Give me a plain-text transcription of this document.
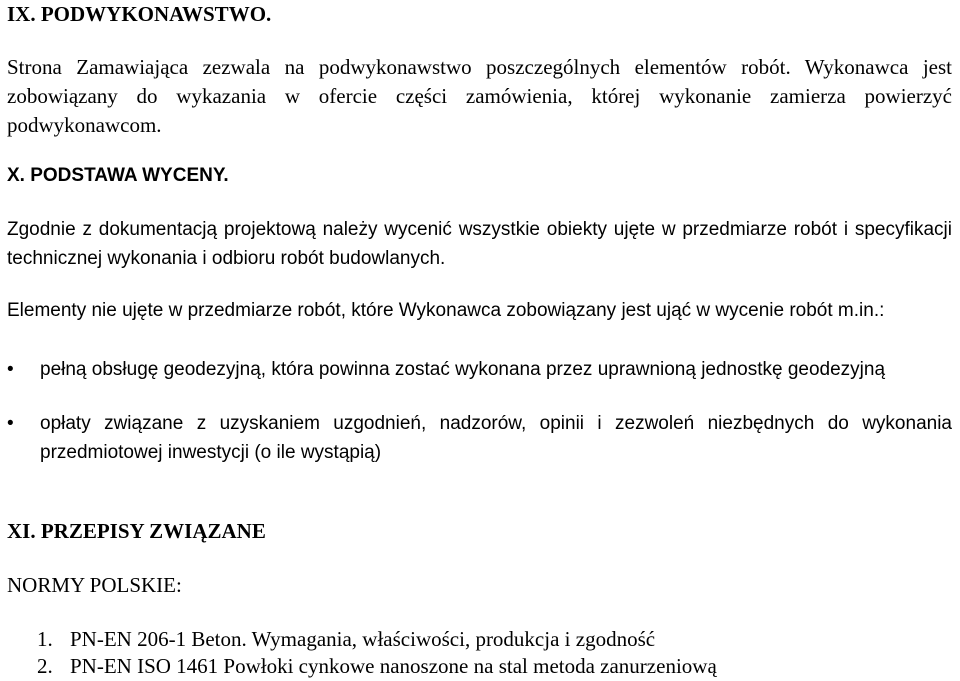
IX. PODWYKONAWSTWO.
Strona Zamawiająca zezwala na podwykonawstwo poszczególnych elementów robót. Wykonawca jest zobowiązany do wykazania w ofercie części zamówienia, której wykonanie zamierza powierzyć podwykonawcom.
X. PODSTAWA WYCENY.
Zgodnie z dokumentacją projektową należy wycenić wszystkie obiekty ujęte w przedmiarze robót i specyfikacji technicznej wykonania i odbioru robót budowlanych.
Elementy nie ujęte w przedmiarze robót, które Wykonawca zobowiązany jest ująć w wycenie robót m.in.:
•	pełną obsługę geodezyjną, która powinna zostać wykonana przez uprawnioną jednostkę geodezyjną
•	opłaty związane z uzyskaniem uzgodnień, nadzorów, opinii i zezwoleń niezbędnych do wykonania przedmiotowej inwestycji (o ile wystąpią)
XI. PRZEPISY ZWIĄZANE
NORMY POLSKIE:
1. PN-EN 206-1 Beton. Wymagania, właściwości, produkcja i zgodność
2. PN-EN ISO 1461 Powłoki cynkowe nanoszone na stal metoda zanurzeniową
